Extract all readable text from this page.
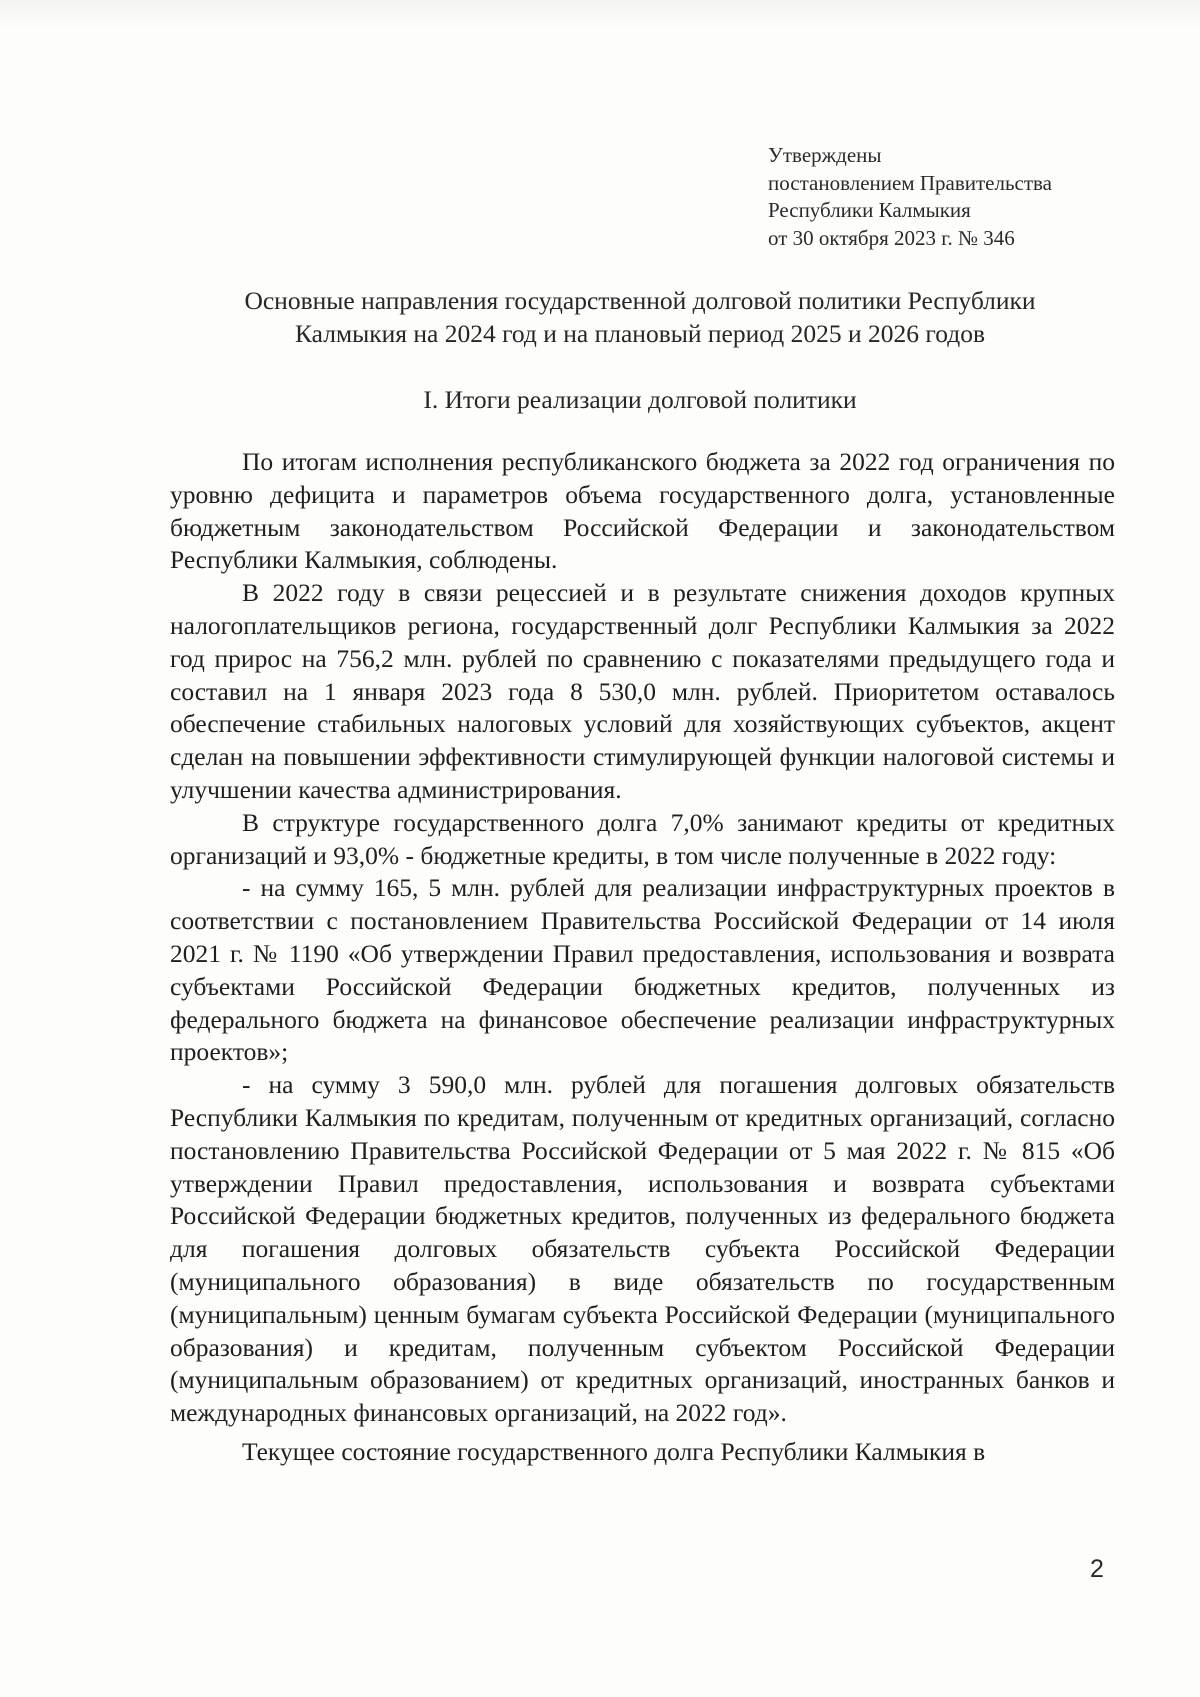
Утверждены
постановлением Правительства
Республики Калмыкия
от 30 октября 2023 г. № 346
Основные направления государственной долговой политики Республики
Калмыкия на 2024 год и на плановый период 2025 и 2026 годов
I. Итоги реализации долговой политики

По итогам исполнения республиканского бюджета за 2022 год ограничения по уровню дефицита и параметров объема государственного долга, установленные бюджетным законодательством Российской Федерации и законодательством Республики Калмыкия, соблюдены.

В 2022 году в связи рецессией и в результате снижения доходов крупных налогоплательщиков региона, государственный долг Республики Калмыкия за 2022 год прирос на 756,2 млн. рублей по сравнению с показателями предыдущего года и составил на 1 января 2023 года 8 530,0 млн. рублей. Приоритетом оставалось обеспечение стабильных налоговых условий для хозяйствующих субъектов, акцент сделан на повышении эффективности стимулирующей функции налоговой системы и улучшении качества администрирования.

В структуре государственного долга 7,0% занимают кредиты от кредитных организаций и 93,0% - бюджетные кредиты, в том числе полученные в 2022 году:

- на сумму 165, 5 млн. рублей для реализации инфраструктурных проектов в соответствии с постановлением Правительства Российской Федерации от 14 июля 2021 г. № 1190 «Об утверждении Правил предоставления, использования и возврата субъектами Российской Федерации бюджетных кредитов, полученных из федерального бюджета на финансовое обеспечение реализации инфраструктурных проектов»;

- на сумму 3 590,0 млн. рублей для погашения долговых обязательств Республики Калмыкия по кредитам, полученным от кредитных организаций, согласно постановлению Правительства Российской Федерации от 5 мая 2022 г. № 815 «Об утверждении Правил предоставления, использования и возврата субъектами Российской Федерации бюджетных кредитов, полученных из федерального бюджета для погашения долговых обязательств субъекта Российской Федерации (муниципального образования) в виде обязательств по государственным (муниципальным) ценным бумагам субъекта Российской Федерации (муниципального образования) и кредитам, полученным субъектом Российской Федерации (муниципальным образованием) от кредитных организаций, иностранных банков и международных финансовых организаций, на 2022 год».

Текущее состояние государственного долга Республики Калмыкия в

2
